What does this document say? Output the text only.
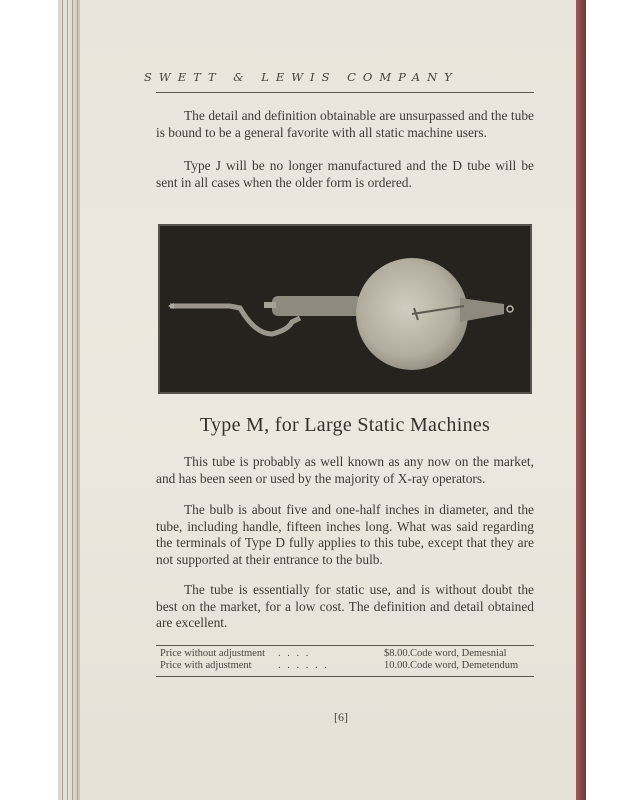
SWETT & LEWIS COMPANY

The detail and definition obtainable are unsurpassed and the tube is bound to be a general favorite with all static machine users.

Type J will be no longer manufactured and the D tube will be sent in all cases when the older form is ordered.

Type M, for Large Static Machines

This tube is probably as well known as any now on the market, and has been seen or used by the majority of X-ray operators.

The bulb is about five and one-half inches in diameter, and the tube, including handle, fifteen inches long. What was said regarding the terminals of Type D fully applies to this tube, except that they are not supported at their entrance to the bulb.

The tube is essentially for static use, and is without doubt the best on the market, for a low cost. The definition and detail obtained are excellent.

Price without adjustment . . . .	$8.00. Code word, Demesnial
Price with adjustment	. . . . . .	10.00. Code word, Demetendum
[6]
